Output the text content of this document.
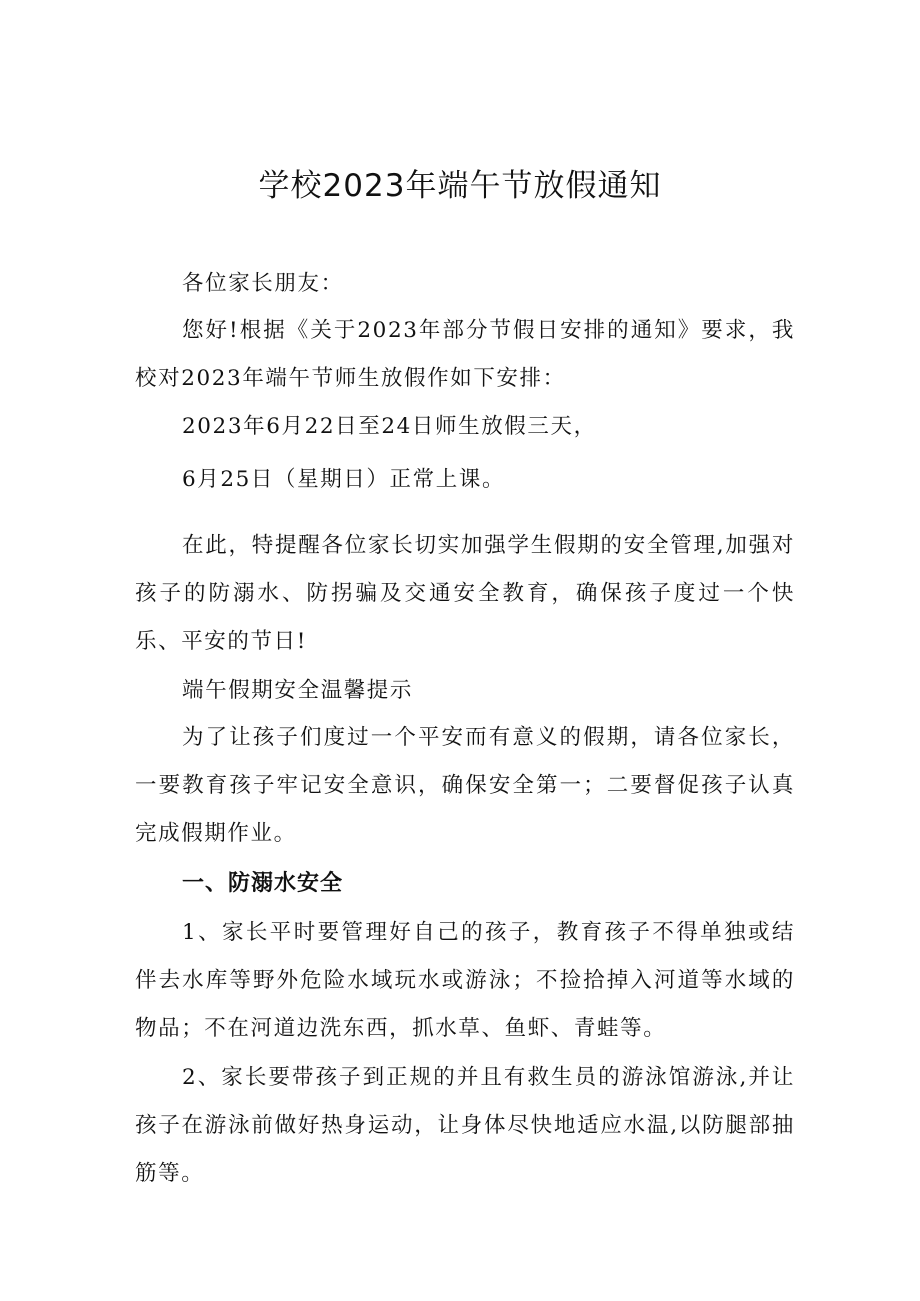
学校2023年端午节放假通知

各位家长朋友：

您好!根据《关于2023年部分节假日安排的通知》要求，我校对2023年端午节师生放假作如下安排：

2023年6月22日至24日师生放假三天，

6月25日（星期日）正常上课。

在此，特提醒各位家长切实加强学生假期的安全管理,加强对孩子的防溺水、防拐骗及交通安全教育，确保孩子度过一个快乐、平安的节日!

端午假期安全温馨提示

为了让孩子们度过一个平安而有意义的假期，请各位家长，一要教育孩子牢记安全意识，确保安全第一；二要督促孩子认真完成假期作业。

一、防溺水安全

1、家长平时要管理好自己的孩子，教育孩子不得单独或结伴去水库等野外危险水域玩水或游泳；不捡拾掉入河道等水域的物品；不在河道边洗东西，抓水草、鱼虾、青蛙等。

2、家长要带孩子到正规的并且有救生员的游泳馆游泳,并让孩子在游泳前做好热身运动，让身体尽快地适应水温,以防腿部抽筋等。
